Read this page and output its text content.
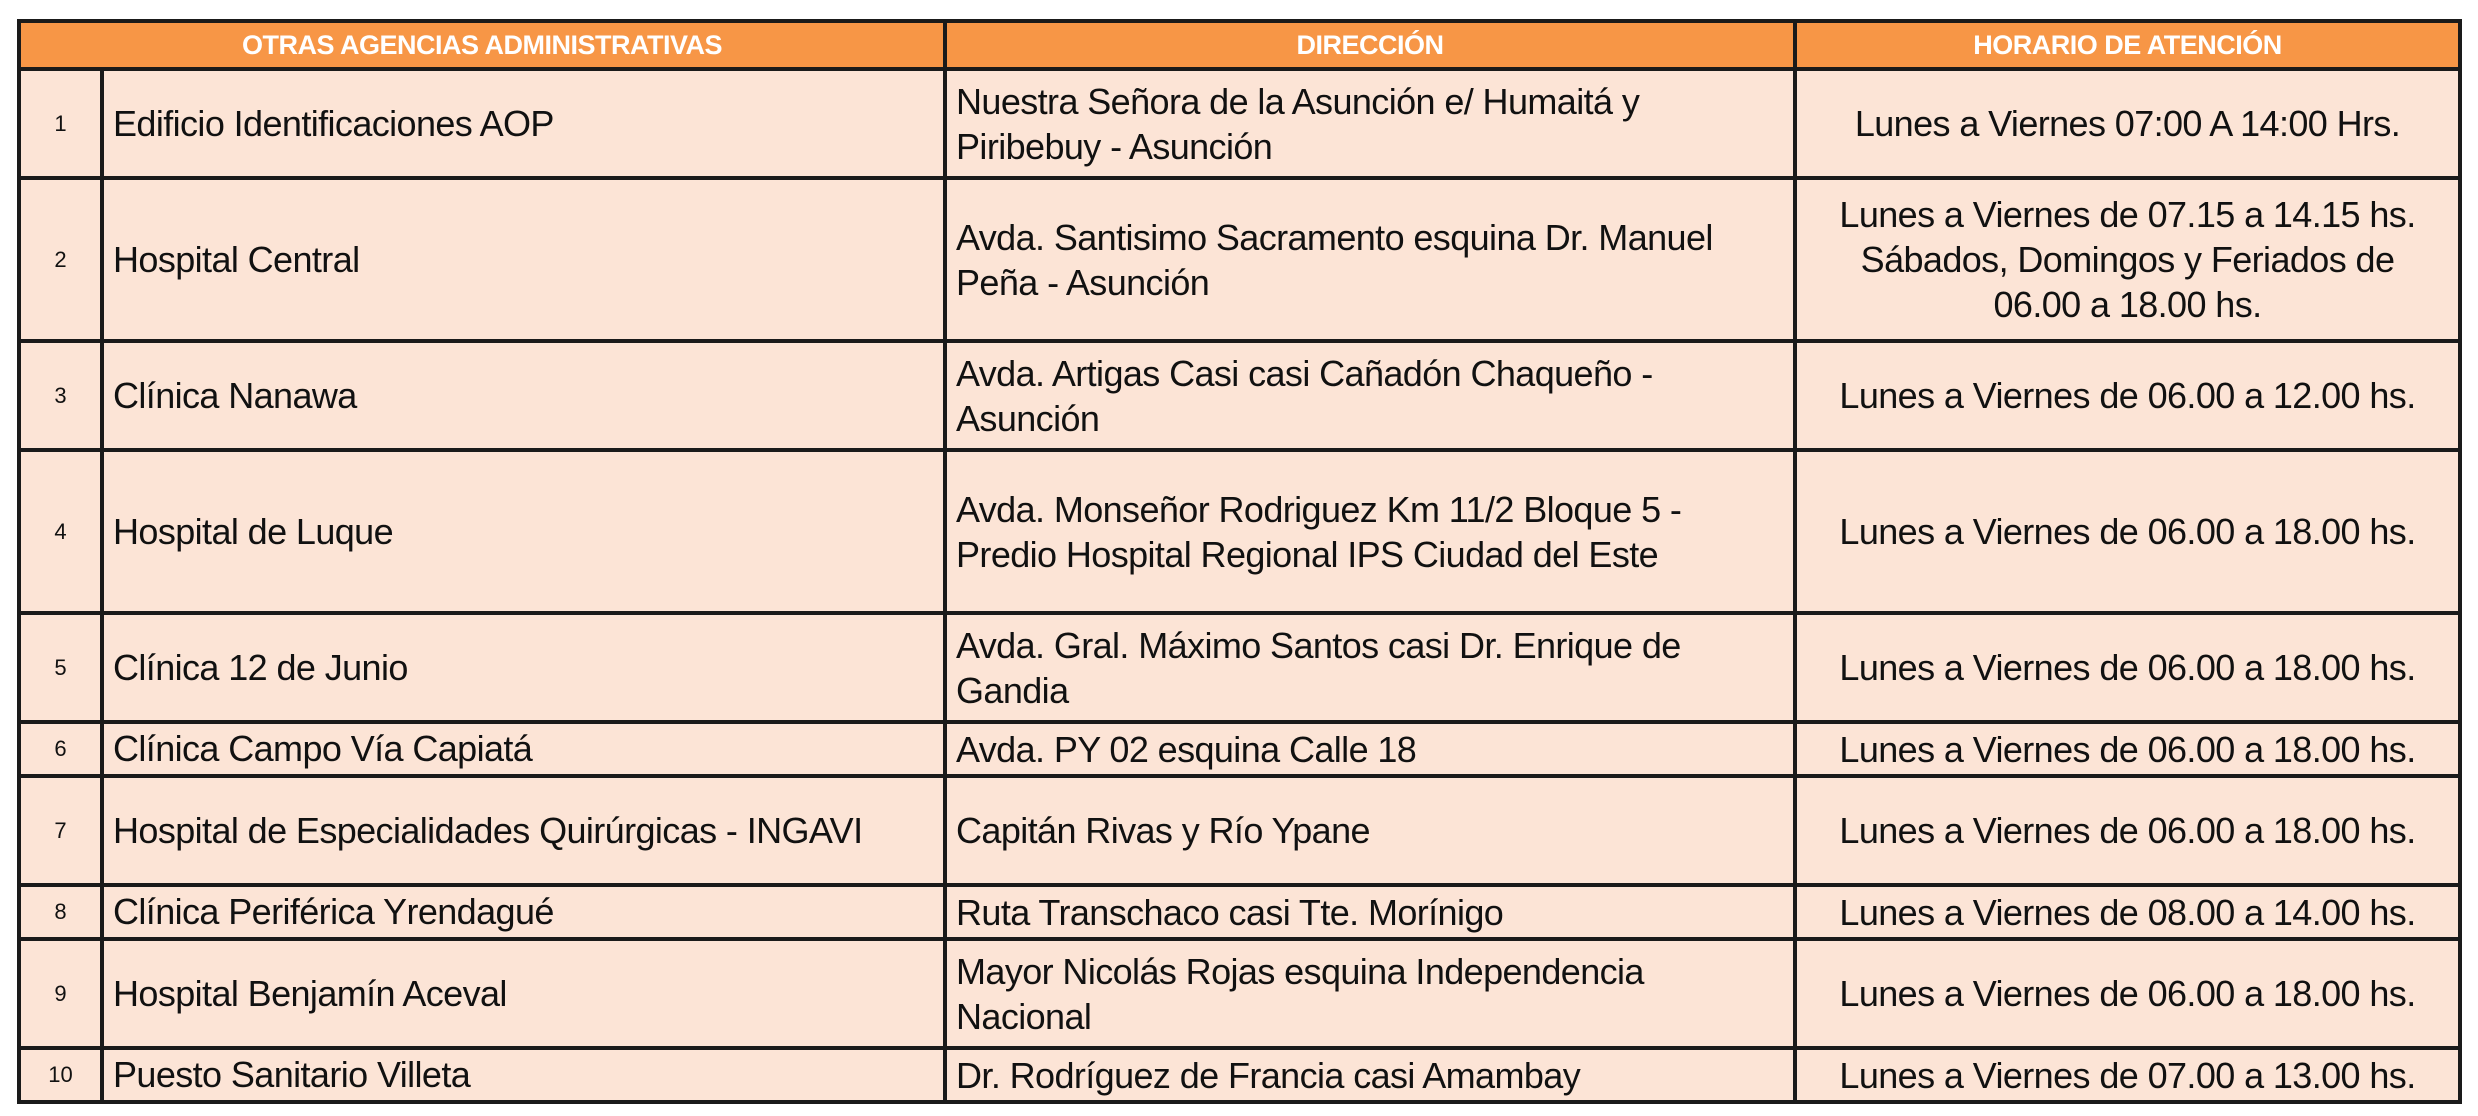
OTRAS AGENCIAS ADMINISTRATIVAS		DIRECCIÓN	HORARIO DE ATENCIÓN
1	Edificio Identificaciones AOP	Nuestra Señora de la Asunción e/ Humaitá y Piribebuy - Asunción	Lunes a Viernes 07:00 A 14:00 Hrs.

2	Hospital Central	Avda. Santisimo Sacramento esquina Dr. Manuel Peña - Asunción	Lunes a Viernes de 07.15 a 14.15 hs.
Sábados, Domingos y Feriados de
06.00 a 18.00 hs.

3	Clínica Nanawa	Avda. Artigas Casi casi Cañadón Chaqueño - Asunción	Lunes a Viernes de 06.00 a 12.00 hs.

4	Hospital de Luque	Avda. Monseñor Rodriguez Km 11/2 Bloque 5 - Predio Hospital Regional IPS Ciudad del Este	Lunes a Viernes de 06.00 a 18.00 hs.

5	Clínica 12 de Junio	Avda. Gral. Máximo Santos casi Dr. Enrique de Gandia	Lunes a Viernes de 06.00 a 18.00 hs.

6	Clínica Campo Vía Capiatá	Avda. PY 02 esquina Calle 18	Lunes a Viernes de 06.00 a 18.00 hs.

7	Hospital de Especialidades Quirúrgicas - INGAVI	Capitán Rivas y Río Ypane	Lunes a Viernes de 06.00 a 18.00 hs.

8	Clínica Periférica Yrendagué	Ruta Transchaco casi Tte. Morínigo	Lunes a Viernes de 08.00 a 14.00 hs.

9	Hospital Benjamín Aceval	Mayor Nicolás Rojas esquina Independencia Nacional	Lunes a Viernes de 06.00 a 18.00 hs.

10	Puesto Sanitario Villeta	Dr. Rodríguez de Francia casi Amambay	Lunes a Viernes de 07.00 a 13.00 hs.
